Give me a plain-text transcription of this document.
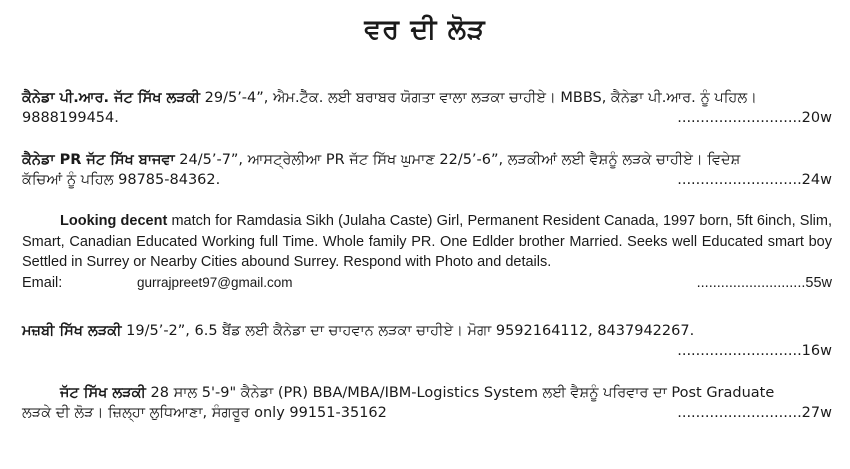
ਵਰ ਦੀ ਲੋੜ
ਕੈਨੇਡਾ ਪੀ.ਆਰ. ਜੱਟ ਸਿੱਖ ਲੜਕੀ 29/5’-4”, ਐਮ.ਟੈੱਕ. ਲਈ ਬਰਾਬਰ ਯੋਗਤਾ ਵਾਲਾ ਲੜਕਾ ਚਾਹੀਏ। MBBS, ਕੈਨੇਡਾ ਪੀ.ਆਰ. ਨੂੰ ਪਹਿਲ।
9888199454.	...........................20w
ਕੈਨੇਡਾ PR ਜੱਟ ਸਿੱਖ ਬਾਜਵਾ 24/5’-7”, ਆਸਟ੍ਰੇਲੀਆ PR ਜੱਟ ਸਿੱਖ ਘੁਮਾਣ 22/5’-6”, ਲੜਕੀਆਂ ਲਈ ਵੈਸ਼ਨੂੰ ਲੜਕੇ ਚਾਹੀਏ। ਵਿਦੇਸ਼
ਕੱਚਿਆਂ ਨੂੰ ਪਹਿਲ 98785-84362.	...........................24w
Looking decent match for Ramdasia Sikh (Julaha Caste) Girl, Permanent Resident Canada, 1997 born, 5ft 6inch, Slim, Smart, Canadian Educated Working full Time. Whole family PR. One Edlder brother Married. Seeks well Educated smart boy Settled in Surrey or Nearby Cities abound Surrey. Respond with Photo and details.
Email:	gurrajpreet97@gmail.com	...........................55w
ਮਜ਼ਬੀ ਸਿੱਖ ਲੜਕੀ 19/5’-2”, 6.5 ਬੈਂਡ ਲਈ ਕੈਨੇਡਾ ਦਾ ਚਾਹਵਾਨ ਲੜਕਾ ਚਾਹੀਏ। ਮੋਗਾ 9592164112, 8437942267.
...........................16w
ਜੱਟ ਸਿੱਖ ਲੜਕੀ 28 ਸਾਲ 5'-9" ਕੈਨੇਡਾ (PR) BBA/MBA/IBM-Logistics System ਲਈ ਵੈਸ਼ਨੂੰ ਪਰਿਵਾਰ ਦਾ Post Graduate
ਲੜਕੇ ਦੀ ਲੋੜ। ਜ਼ਿਲ੍ਹਾ ਲੁਧਿਆਣਾ, ਸੰਗਰੂਰ only 99151-35162	...........................27w
